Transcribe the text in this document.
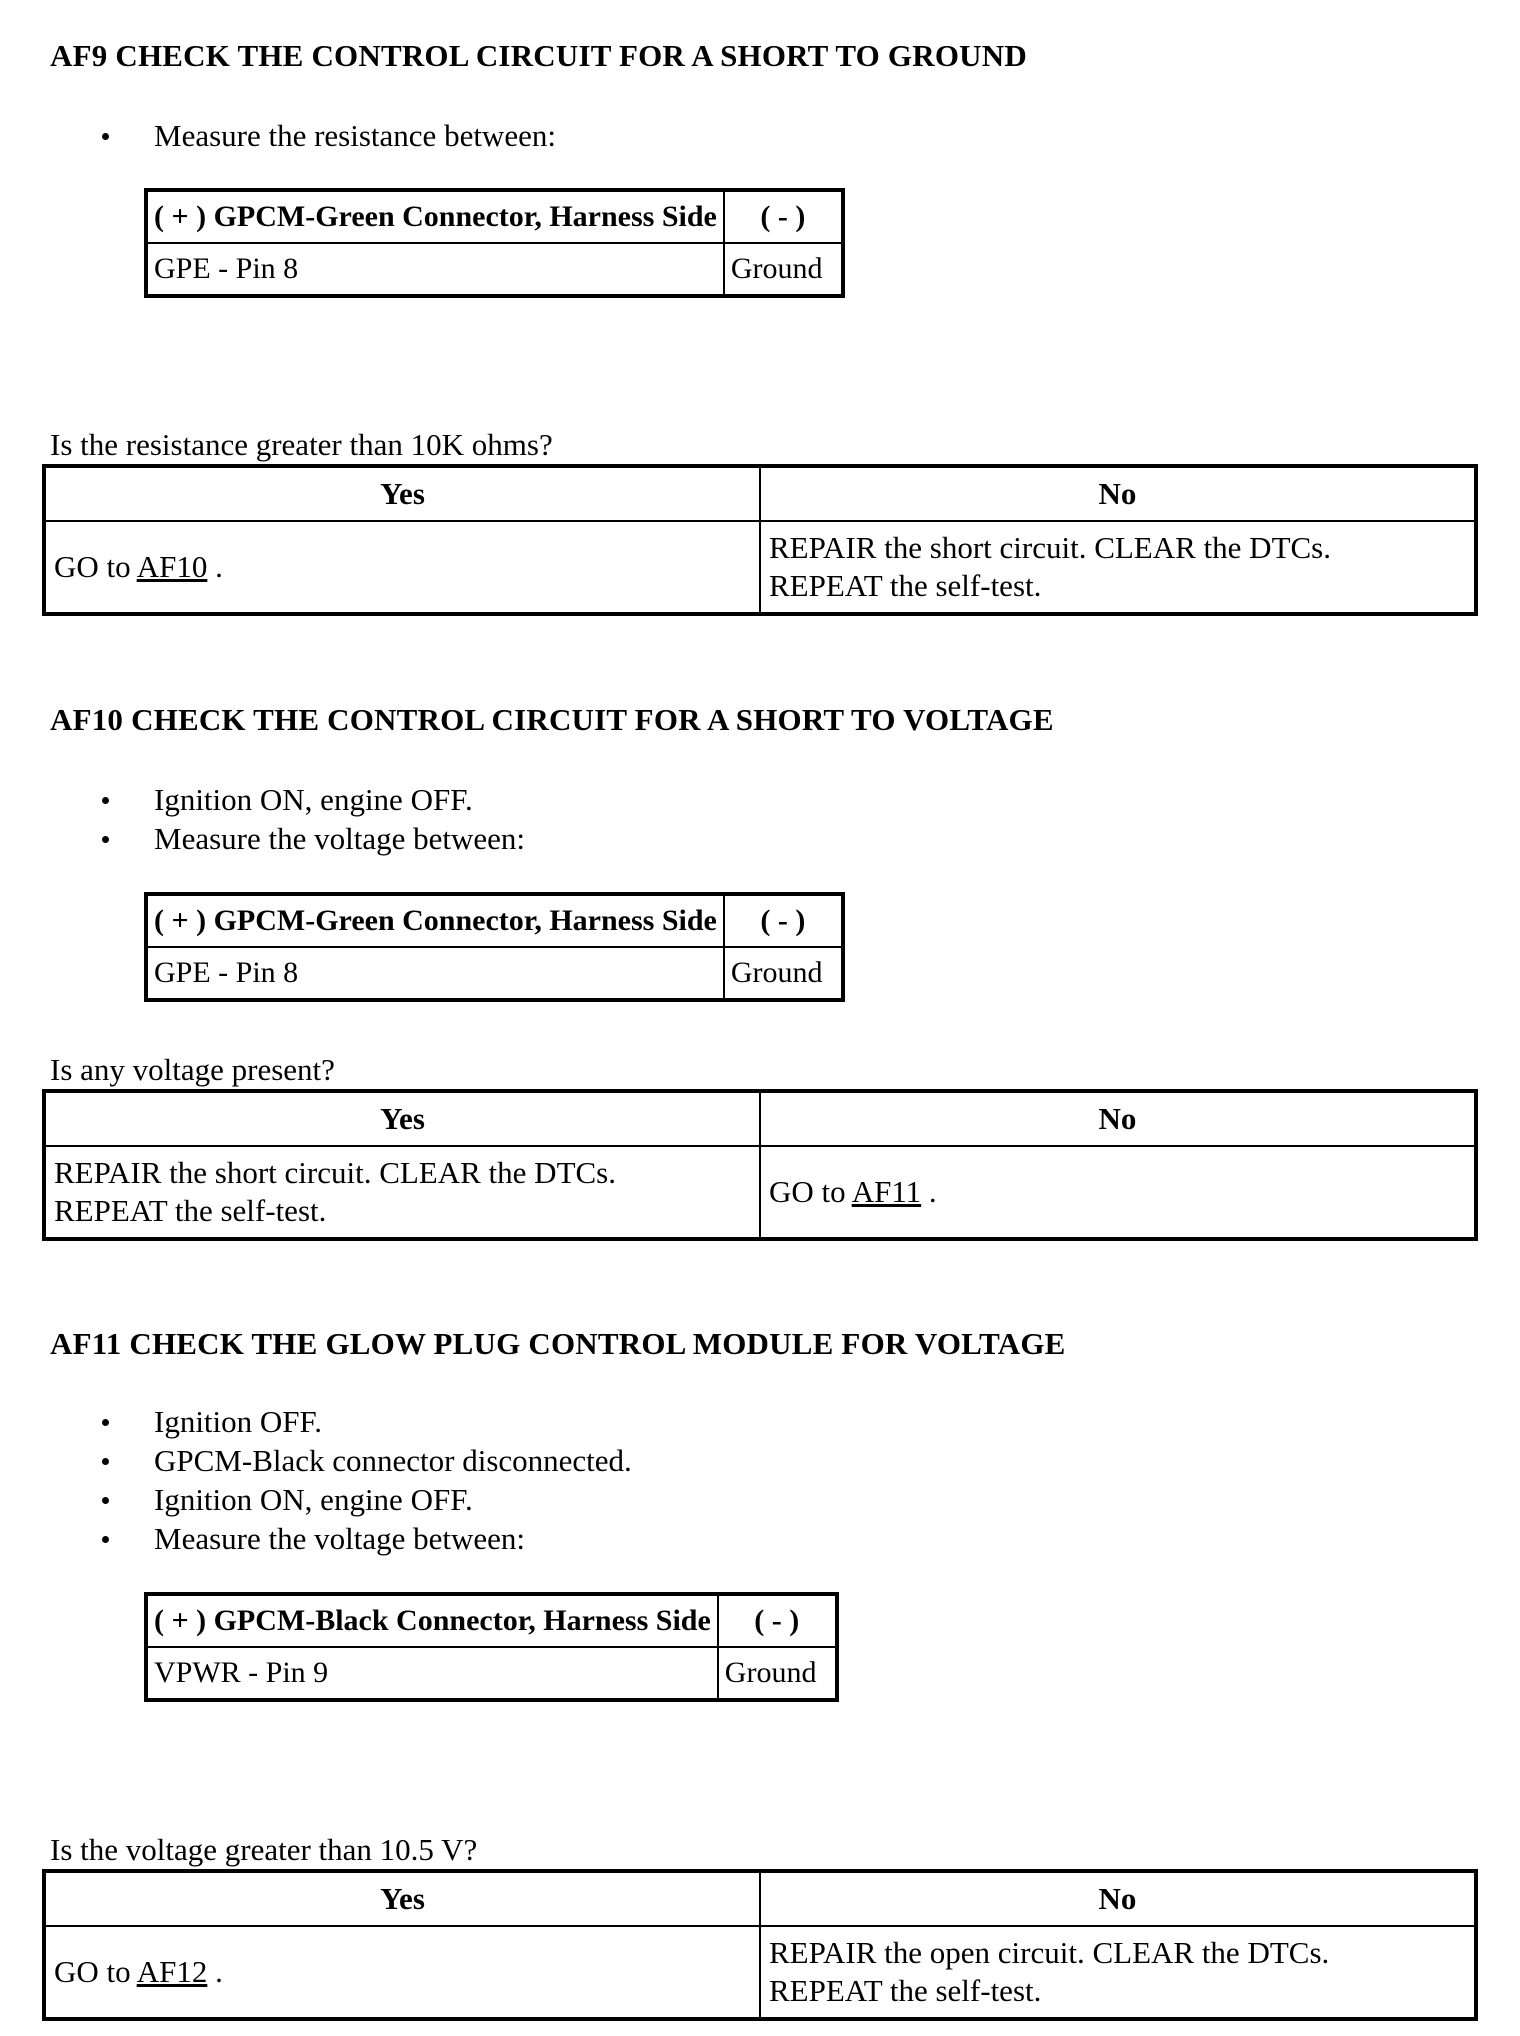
AF9 CHECK THE CONTROL CIRCUIT FOR A SHORT TO GROUND
Measure the resistance between:
( + ) GPCM-Green Connector, Harness Side	( - )
GPE - Pin 8	Ground

Is the resistance greater than 10K ohms?

Yes	No
GO to AF10 .	REPAIR the short circuit. CLEAR the DTCs.
REPEAT the self-test.
AF10 CHECK THE CONTROL CIRCUIT FOR A SHORT TO VOLTAGE
Ignition ON, engine OFF.
Measure the voltage between:
( + ) GPCM-Green Connector, Harness Side	( - )
GPE - Pin 8	Ground

Is any voltage present?

Yes	No

REPAIR the short circuit. CLEAR the DTCs.
REPEAT the self-test.	GO to AF11 .
AF11 CHECK THE GLOW PLUG CONTROL MODULE FOR VOLTAGE
Ignition OFF.
GPCM-Black connector disconnected.
Ignition ON, engine OFF.
Measure the voltage between:
( + ) GPCM-Black Connector, Harness Side	( - )
VPWR - Pin 9	Ground

Is the voltage greater than 10.5 V?

Yes	No
GO to AF12 .	REPAIR the open circuit. CLEAR the DTCs.
REPEAT the self-test.
